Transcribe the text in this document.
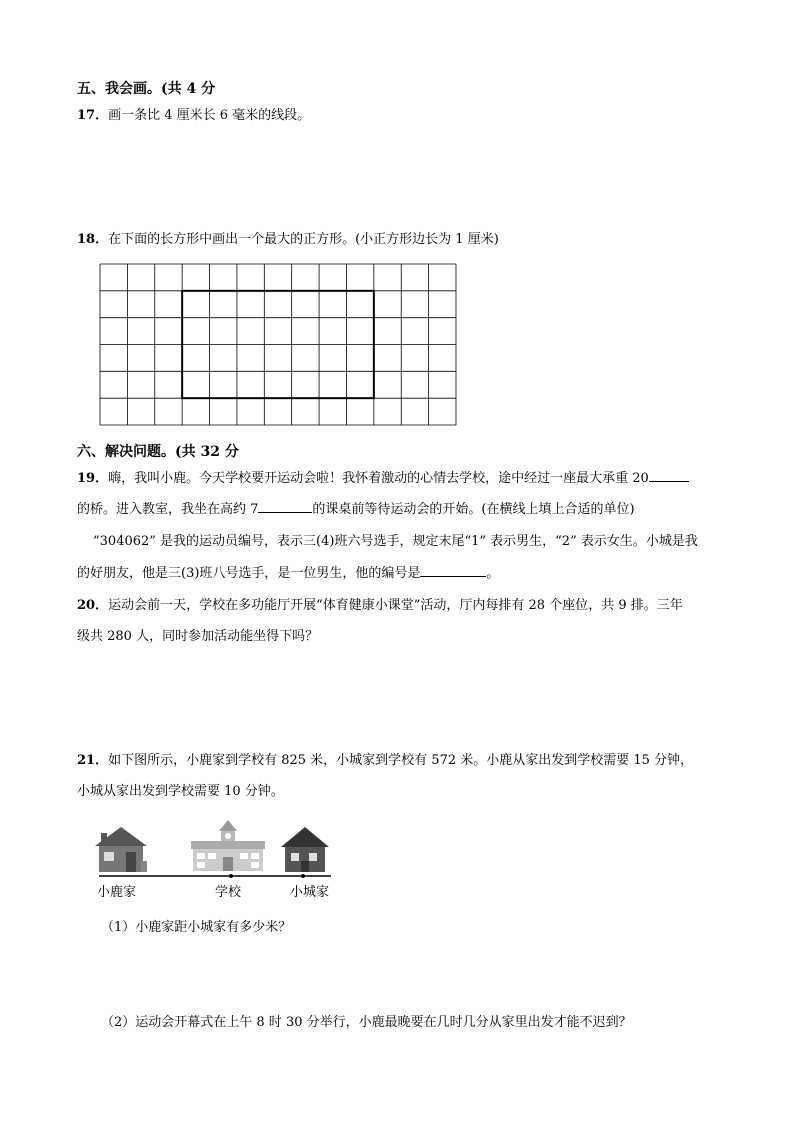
五、我会画。(共 4 分
17．画一条比 4 厘米长 6 毫米的线段。
18．在下面的长方形中画出一个最大的正方形。(小正方形边长为 1 厘米)
六、解决问题。(共 32 分
19．嗨，我叫小鹿。今天学校要开运动会啦！我怀着激动的心情去学校，途中经过一座最大承重 20
的桥。进入教室，我坐在高约 7	的课桌前等待运动会的开始。(在横线上填上合适的单位)
“304062” 是我的运动员编号，表示三(4)班六号选手，规定末尾“1” 表示男生，“2” 表示女生。小城是我
的好朋友，他是三(3)班八号选手，是一位男生，他的编号是	。
20．运动会前一天，学校在多功能厅开展“体育健康小课堂”活动，厅内每排有 28 个座位，共 9 排。三年
级共 280 人，同时参加活动能坐得下吗？
21．如下图所示，小鹿家到学校有 825 米，小城家到学校有 572 米。小鹿从家出发到学校需要 15 分钟，
小城从家出发到学校需要 10 分钟。
小鹿家	学校	小城家
（1）小鹿家距小城家有多少米？
（2）运动会开幕式在上午 8 时 30 分举行，小鹿最晚要在几时几分从家里出发才能不迟到？
